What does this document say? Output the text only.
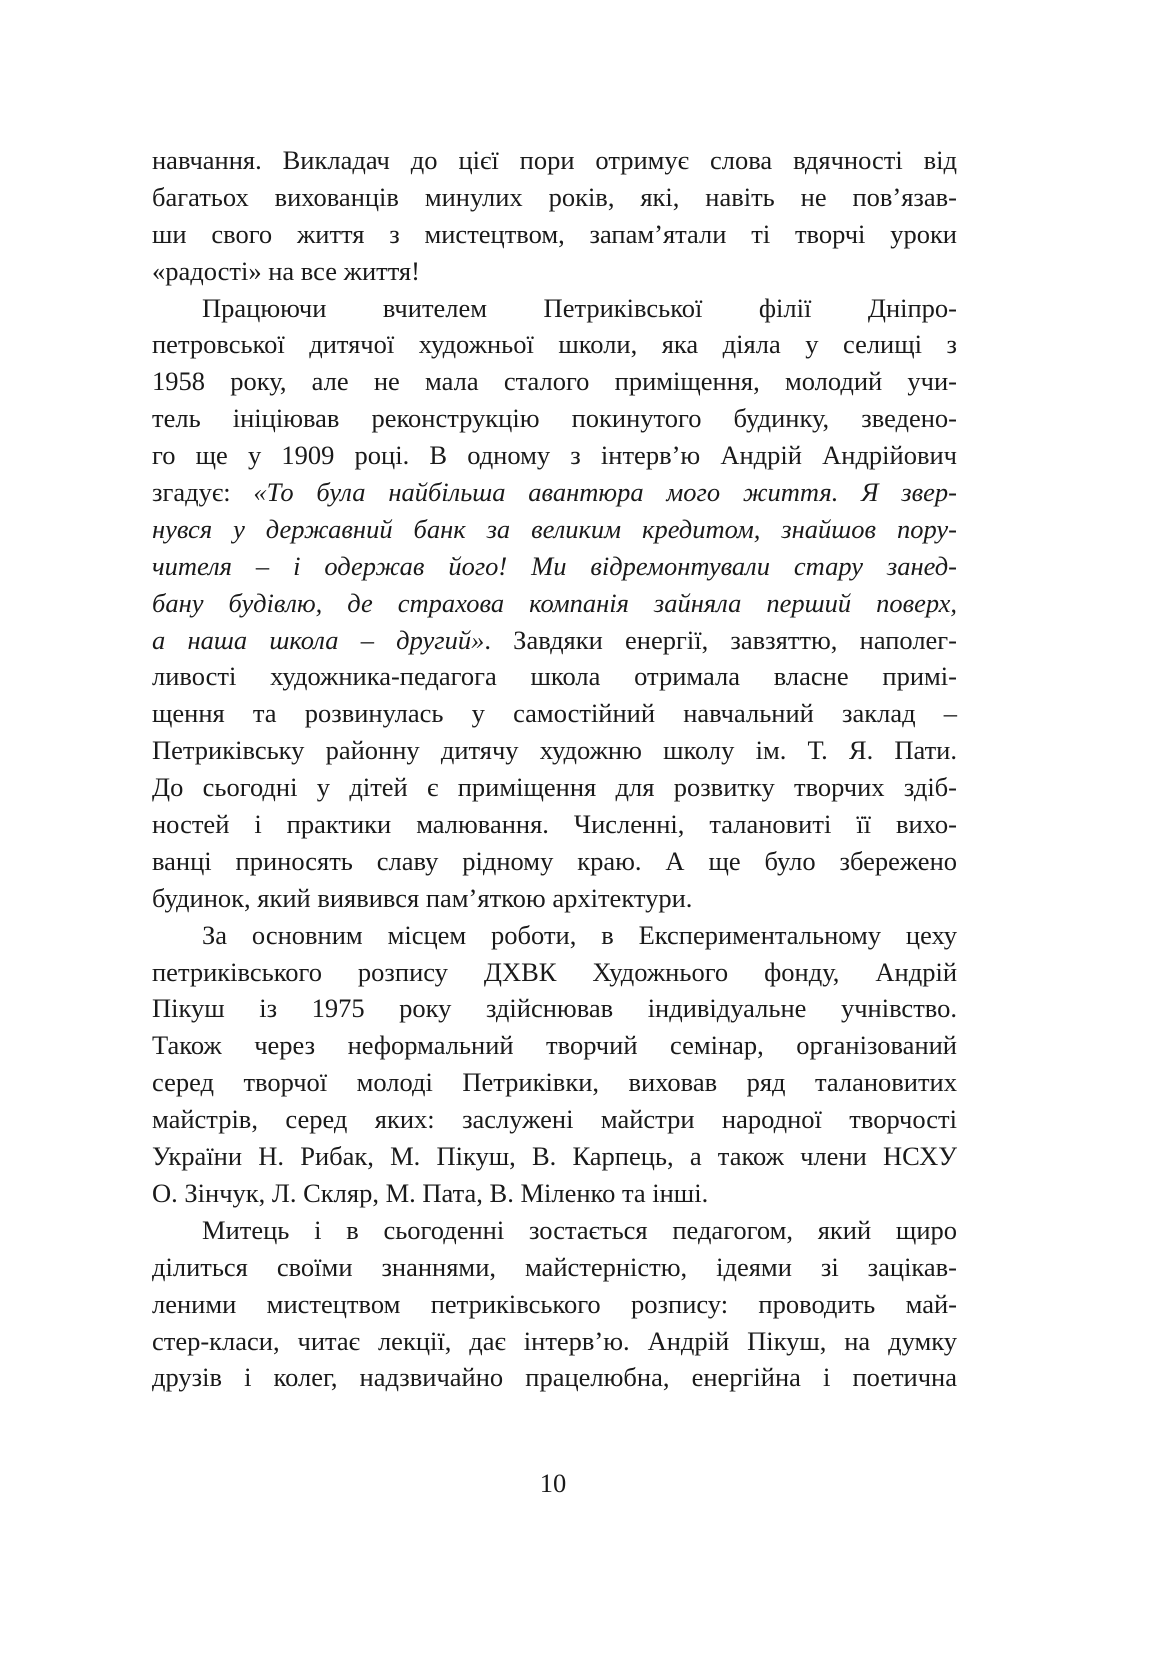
навчання. Викладач до цієї пори отримує слова вдячності від
багатьох вихованців минулих років, які, навіть не пов’язав-
ши свого життя з мистецтвом, запам’ятали ті творчі уроки
«радості» на все життя!
Працюючи вчителем Петриківської філії Дніпро-
петровської дитячої художньої школи, яка діяла у селищі з
1958 року, але не мала сталого приміщення, молодий учи-
тель ініціював реконструкцію покинутого будинку, зведено-
го ще у 1909 році. В одному з інтерв’ю Андрій Андрійович
згадує: «То була найбільша авантюра мого життя. Я звер-
нувся у державний банк за великим кредитом, знайшов пору-
чителя – і одержав його! Ми відремонтували стару занед-
бану будівлю, де страхова компанія зайняла перший поверх,
а наша школа – другий». Завдяки енергії, завзяттю, наполег-
ливості художника-педагога школа отримала власне примі-
щення та розвинулась у самостійний навчальний заклад –
Петриківську районну дитячу художню школу ім. Т. Я. Пати.
До сьогодні у дітей є приміщення для розвитку творчих здіб-
ностей і практики малювання. Численні, талановиті її вихо-
ванці приносять славу рідному краю. А ще було збережено
будинок, який виявився пам’яткою архітектури.
За основним місцем роботи, в Експериментальному цеху
петриківського розпису ДХВК Художнього фонду, Андрій
Пікуш із 1975 року здійснював індивідуальне учнівство.
Також через неформальний творчий семінар, організований
серед творчої молоді Петриківки, виховав ряд талановитих
майстрів, серед яких: заслужені майстри народної творчості
України Н. Рибак, М. Пікуш, В. Карпець, а також члени НСХУ
О. Зінчук, Л. Скляр, М. Пата, В. Міленко та інші.
Митець і в сьогоденні зостається педагогом, який щиро
ділиться своїми знаннями, майстерністю, ідеями зі зацікав-
леними мистецтвом петриківського розпису: проводить май-
стер-класи, читає лекції, дає інтерв’ю. Андрій Пікуш, на думку
друзів і колег, надзвичайно працелюбна, енергійна і поетична
10
